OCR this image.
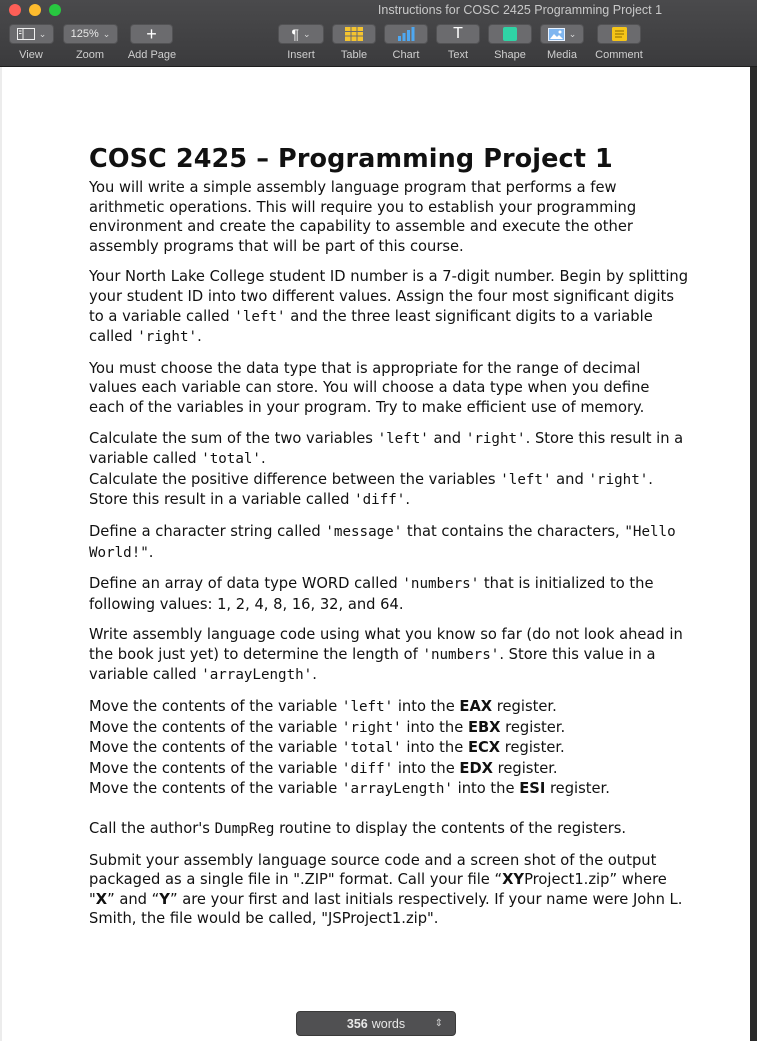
Instructions for COSC 2425 Programming Project 1
⌄
View
125% ⌄
Zoom
+
Add Page
¶ ⌄
Insert	Table	Chart
T
Text	Shape
⌄
Media	Comment
COSC 2425 – Programming Project 1

You will write a simple assembly language program that performs a few arithmetic operations. This will require you to establish your programming environment and create the capability to assemble and execute the other assembly programs that will be part of this course.

Your North Lake College student ID number is a 7-digit number. Begin by splitting your student ID into two different values. Assign the four most significant digits to a variable called 'left' and the three least significant digits to a variable called 'right'.

You must choose the data type that is appropriate for the range of decimal values each variable can store. You will choose a data type when you define each of the variables in your program. Try to make efficient use of memory.

Calculate the sum of the two variables 'left' and 'right'. Store this result in a variable called 'total'.

Calculate the positive difference between the variables 'left' and 'right'. Store this result in a variable called 'diff'.

Define a character string called 'message' that contains the characters, "Hello World!".

Define an array of data type WORD called 'numbers' that is initialized to the following values: 1, 2, 4, 8, 16, 32, and 64.

Write assembly language code using what you know so far (do not look ahead in the book just yet) to determine the length of 'numbers'. Store this value in a variable called 'arrayLength'.

Move the contents of the variable 'left' into the EAX register.

Move the contents of the variable 'right' into the EBX register.

Move the contents of the variable 'total' into the ECX register.

Move the contents of the variable 'diff' into the EDX register.

Move the contents of the variable 'arrayLength' into the ESI register.

Call the author's DumpReg routine to display the contents of the registers.

Submit your assembly language source code and a screen shot of the output packaged as a single file in ".ZIP" format. Call your file “XYProject1.zip” where "X” and “Y” are your first and last initials respectively. If your name were John L. Smith, the file would be called, "JSProject1.zip".

356 words	⇕
